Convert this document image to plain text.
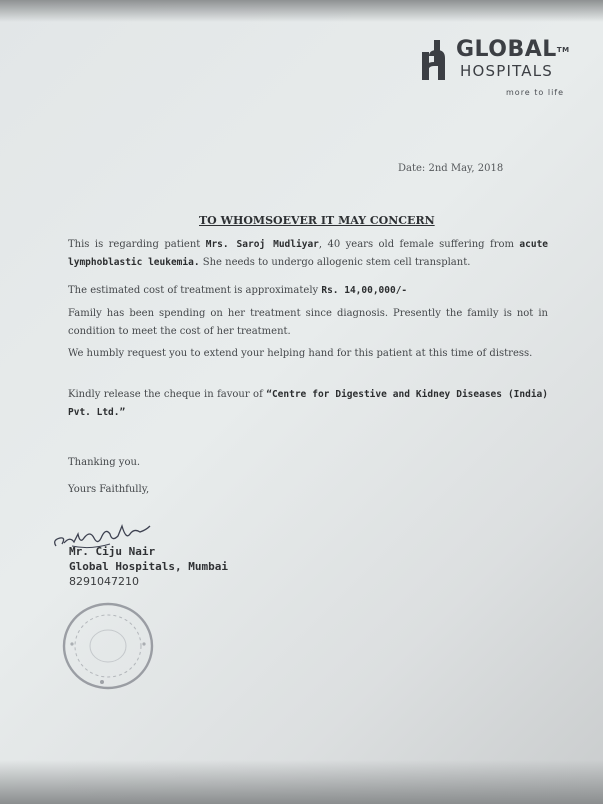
GLOBAL™
HOSPITALS
more to life
Date: 2nd May, 2018
TO WHOMSOEVER IT MAY CONCERN
This is regarding patient Mrs. Saroj Mudliyar, 40 years old female suffering from acute lymphoblastic leukemia. She needs to undergo allogenic stem cell transplant.
The estimated cost of treatment is approximately Rs. 14,00,000/-
Family has been spending on her treatment since diagnosis. Presently the family is not in condition to meet the cost of her treatment.
We humbly request you to extend your helping hand for this patient at this time of distress.
Kindly release the cheque in favour of “Centre for Digestive and Kidney Diseases (India) Pvt. Ltd.”
Thanking you.
Yours Faithfully,
Mr. Ciju Nair
Global Hospitals, Mumbai
8291047210
